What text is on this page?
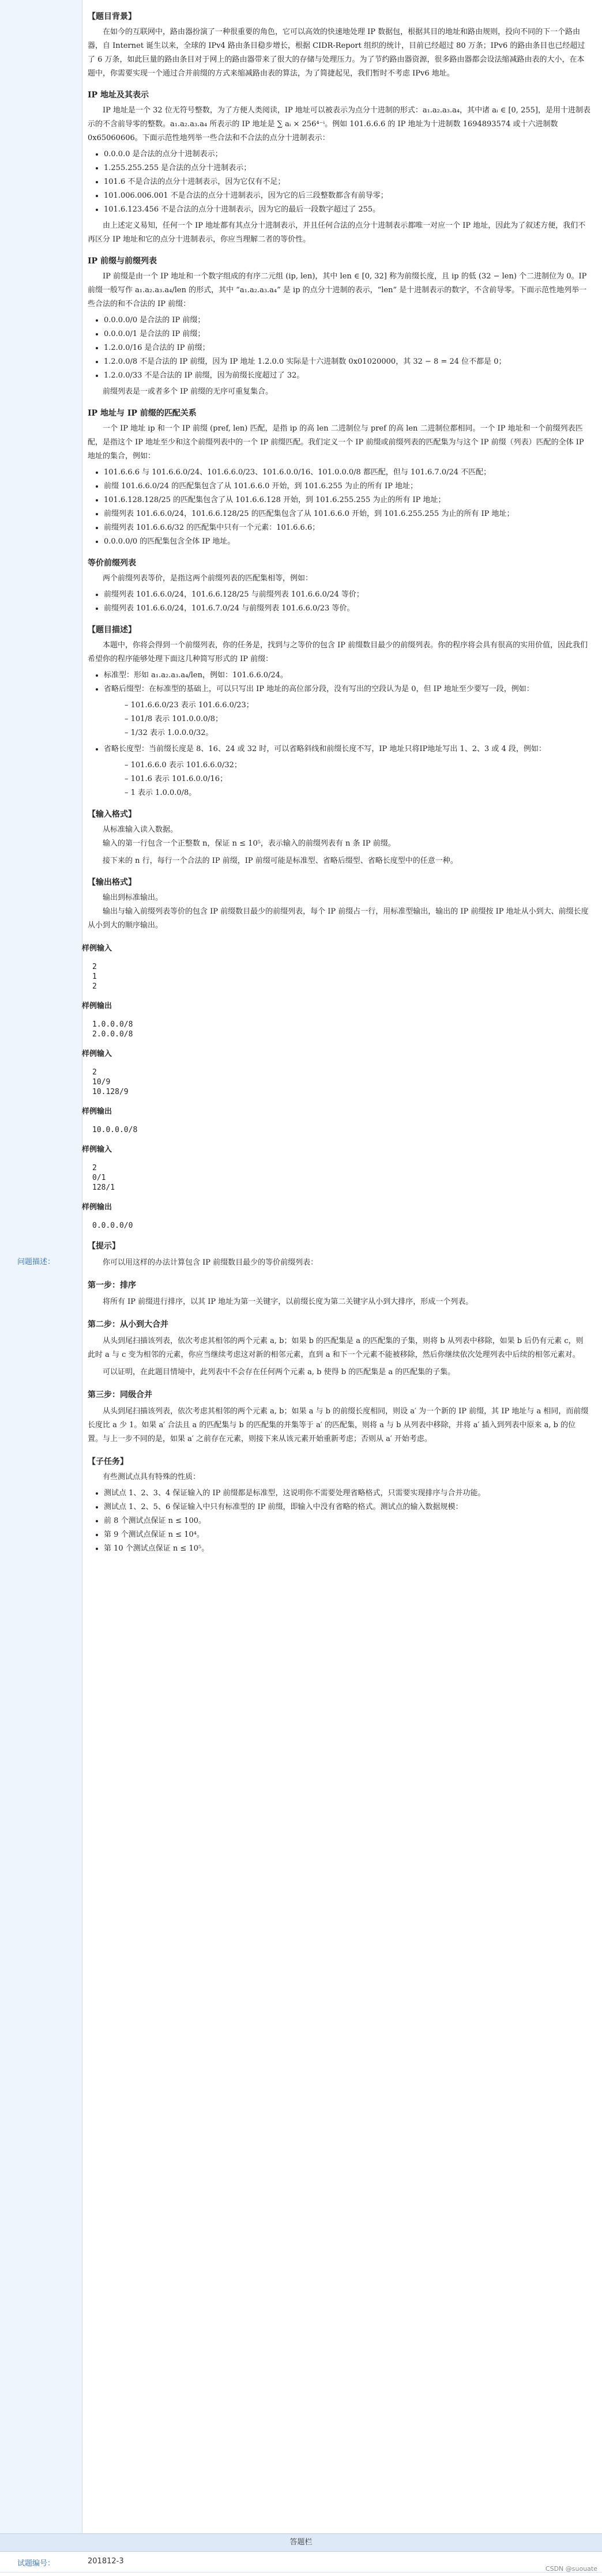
问题描述：

【题目背景】

在如今的互联网中，路由器扮演了一种很重要的角色，它可以高效的快速地处理 IP 数据包，根据其目的地址和路由规则，投向不同的下一个路由器，自 Internet 诞生以来，全球的 IPv4 路由条目稳步增长，根据 CIDR-Report 组织的统计，目前已经超过 80 万条；IPv6 的路由条目也已经超过了 6 万条，如此巨量的路由条目对于网上的路由器带来了很大的存储与处理压力。为了节约路由器资源，很多路由器都会设法缩减路由表的大小，在本题中，你需要实现一个通过合并前缀的方式来缩减路由表的算法，为了简捷起见，我们暂时不考虑 IPv6 地址。

IP 地址及其表示

IP 地址是一个 32 位无符号整数，为了方便人类阅读，IP 地址可以被表示为点分十进制的形式：a₁.a₂.a₃.a₄，其中诸 aᵢ ∈ [0, 255]，是用十进制表示的不含前导零的整数。a₁.a₂.a₃.a₄ 所表示的 IP 地址是 ∑ aᵢ × 256⁴⁻ⁱ。例如 101.6.6.6 的 IP 地址为十进制数 1694893574 或十六进制数 0x65060606。下面示范性地列举一些合法和不合法的点分十进制表示：

• 0.0.0.0 是合法的点分十进制表示；
• 1.255.255.255 是合法的点分十进制表示；
• 101.6 不是合法的点分十进制表示，因为它仅有不足；
• 101.006.006.001 不是合法的点分十进制表示，因为它的后三段整数都含有前导零；
• 101.6.123.456 不是合法的点分十进制表示，因为它的最后一段数字超过了 255。

由上述定义易知，任何一个 IP 地址都有其点分十进制表示，并且任何合法的点分十进制表示都唯一对应一个 IP 地址，因此为了叙述方便，我们不再区分 IP 地址和它的点分十进制表示，你应当理解二者的等价性。

IP 前缀与前缀列表

IP 前缀是由一个 IP 地址和一个数字组成的有序二元组 (ip, len)，其中 len ∈ [0, 32] 称为前缀长度，且 ip 的低 (32 − len) 个二进制位为 0。IP 前缀一般写作 a₁.a₂.a₃.a₄/len 的形式，其中 “a₁.a₂.a₃.a₄” 是 ip 的点分十进制的表示，“len” 是十进制表示的数字，不含前导零。下面示范性地列举一些合法的和不合法的 IP 前缀：

• 0.0.0.0/0 是合法的 IP 前缀；
• 0.0.0.0/1 是合法的 IP 前缀；
• 1.2.0.0/16 是合法的 IP 前缀；
• 1.2.0.0/8 不是合法的 IP 前缀，因为 IP 地址 1.2.0.0 实际是十六进制数 0x01020000，其 32 − 8 = 24 位不都是 0；
• 1.2.0.0/33 不是合法的 IP 前缀，因为前缀长度超过了 32。

前缀列表是一或者多个 IP 前缀的无序可重复集合。

IP 地址与 IP 前缀的匹配关系

一个 IP 地址 ip 和一个 IP 前缀 (pref, len) 匹配，是指 ip 的高 len 二进制位与 pref 的高 len 二进制位都相同。一个 IP 地址和一个前缀列表匹配，是指这个 IP 地址至少和这个前缀列表中的一个 IP 前缀匹配。我们定义一个 IP 前缀或前缀列表的匹配集为与这个 IP 前缀（列表）匹配的全体 IP 地址的集合，例如：

• 101.6.6.6 与 101.6.6.0/24、101.6.6.0/23、101.6.0.0/16、101.0.0.0/8 都匹配，但与 101.6.7.0/24 不匹配；
• 前缀 101.6.6.0/24 的匹配集包含了从 101.6.6.0 开始，到 101.6.255 为止的所有 IP 地址；
• 101.6.128.128/25 的匹配集包含了从 101.6.6.128 开始，到 101.6.255.255 为止的所有 IP 地址；
• 前缀列表 101.6.6.0/24，101.6.6.128/25 的匹配集包含了从 101.6.6.0 开始，到 101.6.255.255 为止的所有 IP 地址；
• 前缀列表 101.6.6.6/32 的匹配集中只有一个元素：101.6.6.6；
• 0.0.0.0/0 的匹配集包含全体 IP 地址。

等价前缀列表

两个前缀列表等价，是指这两个前缀列表的匹配集相等，例如：

• 前缀列表 101.6.6.0/24，101.6.6.128/25 与前缀列表 101.6.6.0/24 等价；
• 前缀列表 101.6.6.0/24，101.6.7.0/24 与前缀列表 101.6.6.0/23 等价。

【题目描述】

本题中，你将会得到一个前缀列表，你的任务是，找到与之等价的包含 IP 前缀数目最少的前缀列表。你的程序将会具有很高的实用价值，因此我们希望你的程序能够处理下面这几种简写形式的 IP 前缀：

• 标准型：形如 a₁.a₂.a₃.a₄/len，例如：101.6.6.0/24。
• 省略后缀型：在标准型的基础上，可以只写出 IP 地址的高位部分段，没有写出的空段认为是 0，但 IP 地址至少要写一段，例如：
– 101.6.6.0/23 表示 101.6.6.0/23；
– 101/8 表示 101.0.0.0/8；
– 1/32 表示 1.0.0.0/32。
• 省略长度型：当前缀长度是 8、16、24 或 32 时，可以省略斜线和前缀长度不写，IP 地址只将IP地址写出 1、2、3 或 4 段，例如：
– 101.6.6.0 表示 101.6.6.0/32；
– 101.6 表示 101.6.0.0/16；
– 1 表示 1.0.0.0/8。

【输入格式】

从标准输入读入数据。

输入的第一行包含一个正整数 n，保证 n ≤ 10⁵，表示输入的前缀列表有 n 条 IP 前缀。

接下来的 n 行，每行一个合法的 IP 前缀，IP 前缀可能是标准型、省略后缀型、省略长度型中的任意一种。

【输出格式】

输出到标准输出。

输出与输入前缀列表等价的包含 IP 前缀数目最少的前缀列表，每个 IP 前缀占一行，用标准型输出，输出的 IP 前缀按 IP 地址从小到大、前缀长度从小到大的顺序输出。

样例输入

2
1
2

样例输出

1.0.0.0/8
2.0.0.0/8

样例输入

2
10/9
10.128/9

样例输出

10.0.0.0/8

样例输入

2
0/1
128/1

样例输出

0.0.0.0/0

【提示】

你可以用这样的办法计算包含 IP 前缀数目最少的等价前缀列表：

第一步：排序

将所有 IP 前缀进行排序，以其 IP 地址为第一关键字，以前缀长度为第二关键字从小到大排序，形成一个列表。

第二步：从小到大合并

从头到尾扫描该列表，依次考虑其相邻的两个元素 a, b；如果 b 的匹配集是 a 的匹配集的子集，则将 b 从列表中移除，如果 b 后仍有元素 c，则此时 a 与 c 变为相邻的元素，你应当继续考虑这对新的相邻元素，直到 a 和下一个元素不能被移除，然后你继续依次处理列表中后续的相邻元素对。

可以证明，在此题目情境中，此列表中不会存在任何两个元素 a, b 使得 b 的匹配集是 a 的匹配集的子集。

第三步：同级合并

从头到尾扫描该列表，依次考虑其相邻的两个元素 a, b；如果 a 与 b 的前缀长度相同，则设 a′ 为一个新的 IP 前缀，其 IP 地址与 a 相同，而前缀长度比 a 少 1。如果 a′ 合法且 a 的匹配集与 b 的匹配集的并集等于 a′ 的匹配集，则将 a 与 b 从列表中移除，并将 a′ 插入到列表中原来 a, b 的位置。与上一步不同的是，如果 a′ 之前存在元素，则接下来从该元素开始重新考虑；否则从 a′ 开始考虑。

【子任务】

有些测试点具有特殊的性质：

• 测试点 1、2、3、4 保证输入的 IP 前缀都是标准型，这说明你不需要处理省略格式，只需要实现排序与合并功能。
• 测试点 1、2、5、6 保证输入中只有标准型的 IP 前缀，即输入中没有省略的格式。测试点的输入数据规模：
• 前 8 个测试点保证 n ≤ 100。
• 第 9 个测试点保证 n ≤ 10⁴。
• 第 10 个测试点保证 n ≤ 10⁵。
答题栏
试题编号：	201812-3
CSDN @suouate
